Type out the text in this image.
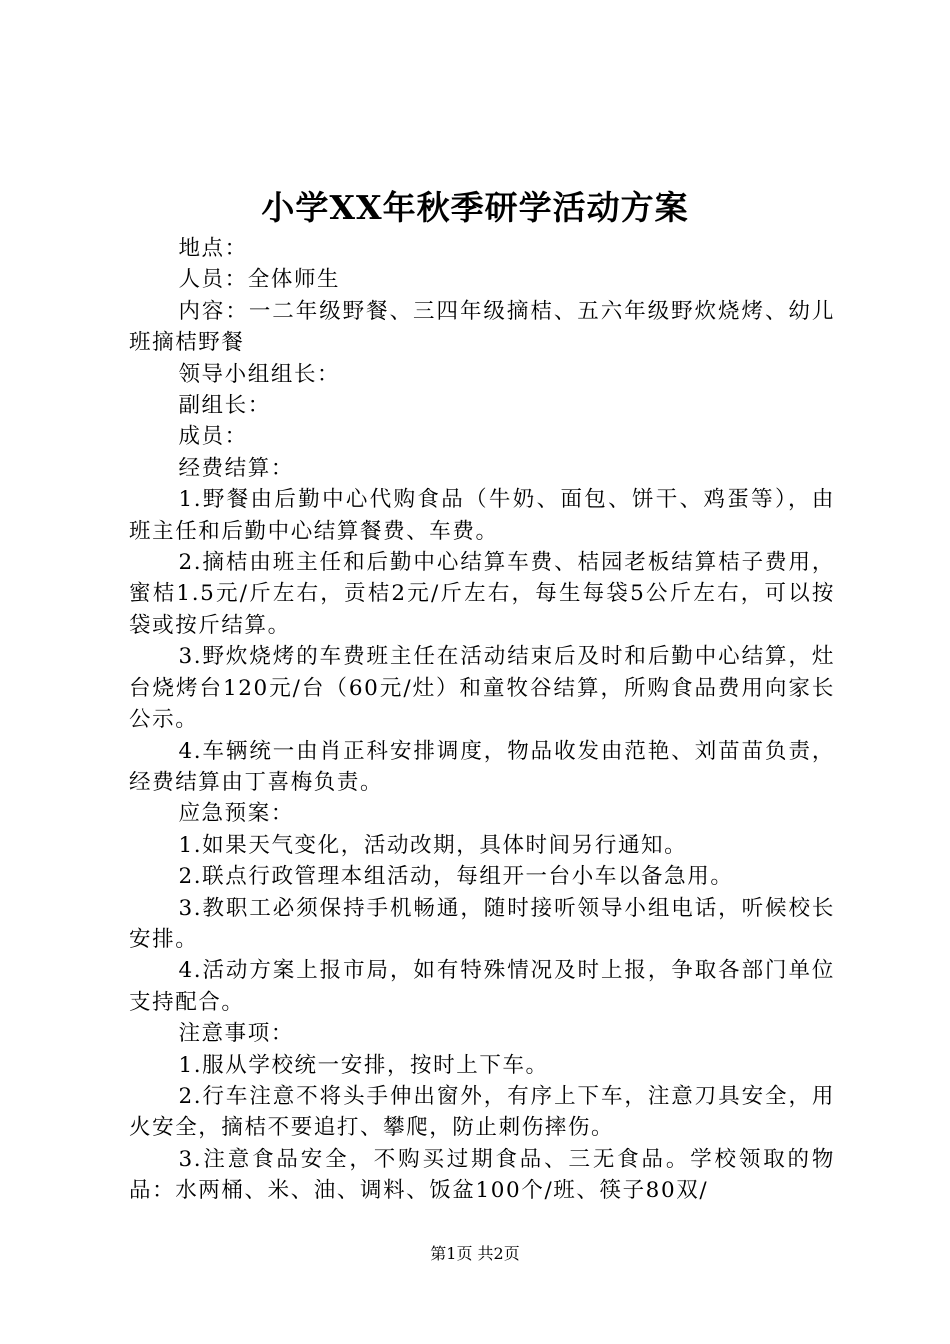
小学XX年秋季研学活动方案

地点：

人员：全体师生

内容：一二年级野餐、三四年级摘桔、五六年级野炊烧烤、幼儿班摘桔野餐

领导小组组长：

副组长：

成员：

经费结算：

1.野餐由后勤中心代购食品（牛奶、面包、饼干、鸡蛋等），由班主任和后勤中心结算餐费、车费。

2.摘桔由班主任和后勤中心结算车费、桔园老板结算桔子费用，蜜桔1.5元/斤左右，贡桔2元/斤左右，每生每袋5公斤左右，可以按袋或按斤结算。

3.野炊烧烤的车费班主任在活动结束后及时和后勤中心结算，灶台烧烤台120元/台（60元/灶）和童牧谷结算，所购食品费用向家长公示。

4.车辆统一由肖正科安排调度，物品收发由范艳、刘苗苗负责，经费结算由丁喜梅负责。

应急预案：

1.如果天气变化，活动改期，具体时间另行通知。

2.联点行政管理本组活动，每组开一台小车以备急用。

3.教职工必须保持手机畅通，随时接听领导小组电话，听候校长安排。

4.活动方案上报市局，如有特殊情况及时上报，争取各部门单位支持配合。

注意事项：

1.服从学校统一安排，按时上下车。

2.行车注意不将头手伸出窗外，有序上下车，注意刀具安全，用火安全，摘桔不要追打、攀爬，防止刺伤摔伤。

3.注意食品安全，不购买过期食品、三无食品。学校领取的物品：水两桶、米、油、调料、饭盆100个/班、筷子80双/

第1页 共2页
